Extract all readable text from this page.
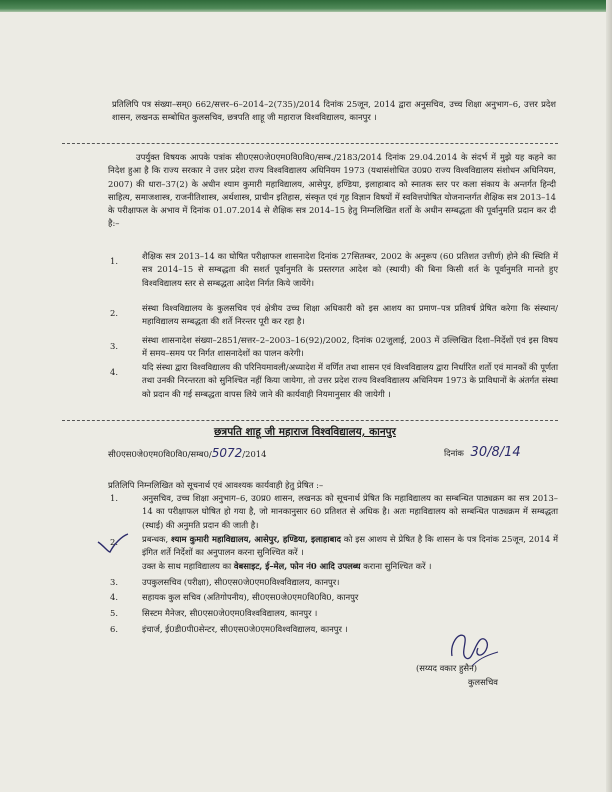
प्रतिलिपि पत्र संख्या–सम्0 662/सत्तर–6–2014–2(735)/2014 दिनांक 25जून, 2014 द्वारा अनुसचिव, उच्च शिक्षा अनुभाग–6, उत्तर प्रदेश शासन, लखनऊ सम्बोधित कुलसचिव, छत्रपति शाहू जी महाराज विश्वविद्यालय, कानपुर ।
उपर्युक्त विषयक आपके पत्रांक सी0एस0जे0एम0वि0वि0/सम्ब./2183/2014 दिनांक 29.04.2014 के संदर्भ में मुझे यह कहने का निदेश हुआ है कि राज्य सरकार ने उत्तर प्रदेश राज्य विश्वविद्यालय अधिनियम 1973 (यथासंशोधित उ0प्र0 राज्य विश्वविद्यालय संशोधन अधिनियम, 2007) की धारा–37(2) के अधीन श्याम कुमारी महाविद्यालय, आसेपुर, हण्डिया, इलाहाबाद को स्नातक स्तर पर कला संकाय के अन्तर्गत हिन्दी साहित्य, समाजशास्त्र, राजनीतिशास्त्र, अर्थशास्त्र, प्राचीन इतिहास, संस्कृत एवं गृह विज्ञान विषयों में स्ववित्तपोषित योजनान्तर्गत शैक्षिक सत्र 2013–14 के परीक्षाफल के अभाव में दिनांक 01.07.2014 से शैक्षिक सत्र 2014–15 हेतु निम्नलिखित शर्तो के अधीन सम्बद्धता की पूर्वानुमति प्रदान कर दी है:–
1.	शैक्षिक सत्र 2013–14 का घोषित परीक्षाफल शासनादेश दिनांक 27सितम्बर, 2002 के अनुरूप (60 प्रतिशत उत्तीर्ण) होने की स्थिति में सत्र 2014–15 से सम्बद्धता की सशर्त पूर्वानुमति के प्रस्तरगत आदेश को (स्थायी) की बिना किसी शर्त के पूर्वानुमति मानते हुए विश्वविद्यालय स्तर से सम्बद्धता आदेश निर्गत किये जायेंगे।
2.	संस्था विश्वविद्यालय के कुलसचिव एवं क्षेत्रीय उच्च शिक्षा अधिकारी को इस आशय का प्रमाण–पत्र प्रतिवर्ष प्रेषित करेगा कि संस्थान/महाविद्यालय सम्बद्धता की शर्ते निरन्तर पूरी कर रहा है।
3.
संस्था शासनादेश संख्या–2851/सत्तर–2–2003–16(92)/2002, दिनांक 02जुलाई, 2003 में उल्लिखित दिशा–निर्देशों एवं इस विषय में समय–समय पर निर्गत शासनादेशों का पालन करेगी।
4.	यदि संस्था द्वारा विश्वविद्यालय की परिनियमावली/अध्यादेश में वर्णित तथा शासन एवं विश्वविद्यालय द्वारा निर्धारित शर्तो एवं मानकों की पूर्णता तथा उनकी निरन्तरता को सुनिश्चित नहीं किया जायेगा, तो उत्तर प्रदेश राज्य विश्वविद्यालय अधिनियम 1973 के प्राविधानों के अंतर्गत संस्था को प्रदान की गई सम्बद्धता वापस लिये जाने की कार्यवाही नियमानुसार की जायेगी ।
छत्रपति शाहू जी महाराज विश्वविद्यालय, कानपुर
सी0एस0जे0एम0वि0वि0/सम्ब0/5072/2014	दिनांक 30/8/14
प्रतिलिपि निम्नलिखित को सूचनार्थ एवं आवश्यक कार्यवाही हेतु प्रेषित :–
1.	अनुसचिव, उच्च शिक्षा अनुभाग–6, उ0प्र0 शासन, लखनऊ को सूचनार्थ प्रेषित कि महाविद्यालय का सम्बन्धित पाठ्यक्रम का सत्र 2013–14 का परीक्षाफल घोषित हो गया है, जो मानकानुसार 60 प्रतिशत से अधिक है। अतः महाविद्यालय को सम्बन्धित पाठ्यक्रम में सम्बद्धता (स्थाई) की अनुमति प्रदान की जाती है।
2.	प्रबन्धक, श्याम कुमारी महाविद्यालय, आसेपुर, हण्डिया, इलाहाबाद को इस आशय से प्रेषित है कि शासन के पत्र दिनांक 25जून, 2014 में इंगित शर्ते निर्देशों का अनुपालन करना सुनिश्चित करें ।
उक्त के साथ महाविद्यालय का वेबसाइट, ई–मेल, फोन नं0 आदि उपलब्ध कराना सुनिश्चित करें ।
3.	उपकुलसचिव (परीक्षा), सी0एस0जे0एम0विश्वविद्यालय, कानपुर।
4.	सहायक कुल सचिव (अतिगोपनीय), सी0एस0जे0एम0वि0वि0, कानपुर
5.	सिस्टम मैनेजर, सी0एस0जे0एम0विश्वविद्यालय, कानपुर ।
6.	इंचार्ज, ई0डी0पी0सेन्टर, सी0एस0जे0एम0विश्वविद्यालय, कानपुर ।
(सय्यद वकार हुसैन)
कुलसचिव
